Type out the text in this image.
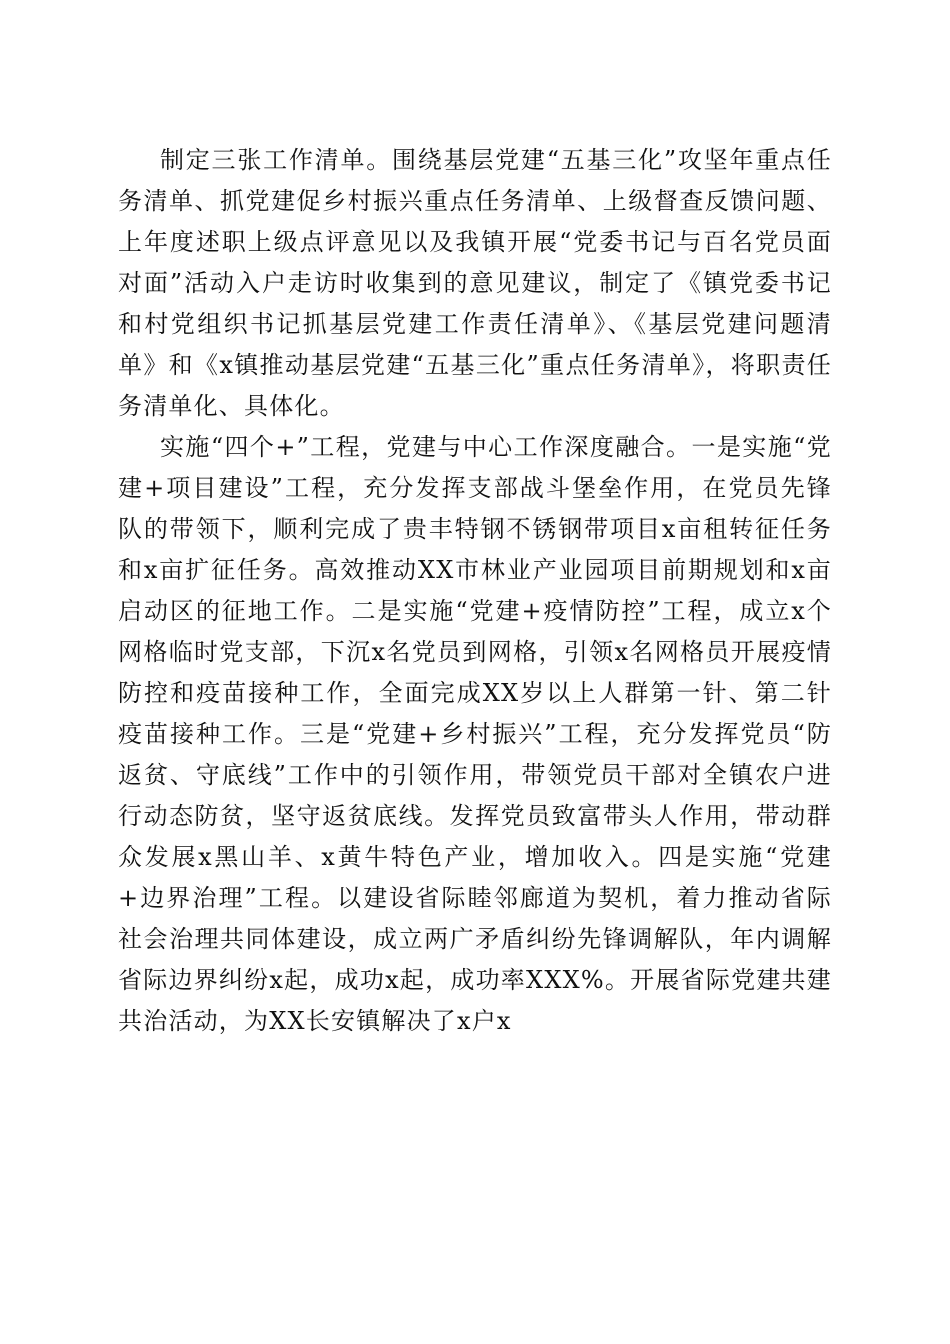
制定三张工作清单。围绕基层党建“五基三化”攻坚年重点任务清单、抓党建促乡村振兴重点任务清单、上级督查反馈问题、上年度述职上级点评意见以及我镇开展“党委书记与百名党员面对面”活动入户走访时收集到的意见建议，制定了《镇党委书记和村党组织书记抓基层党建工作责任清单》、《基层党建问题清单》和《x镇推动基层党建“五基三化”重点任务清单》，将职责任务清单化、具体化。

实施“四个+”工程，党建与中心工作深度融合。一是实施“党建+项目建设”工程，充分发挥支部战斗堡垒作用，在党员先锋队的带领下，顺利完成了贵丰特钢不锈钢带项目x亩租转征任务和x亩扩征任务。高效推动XX市林业产业园项目前期规划和x亩启动区的征地工作。二是实施“党建+疫情防控”工程，成立x个网格临时党支部，下沉x名党员到网格，引领x名网格员开展疫情防控和疫苗接种工作，全面完成XX岁以上人群第一针、第二针疫苗接种工作。三是“党建+乡村振兴”工程，充分发挥党员“防返贫、守底线”工作中的引领作用，带领党员干部对全镇农户进行动态防贫，坚守返贫底线。发挥党员致富带头人作用，带动群众发展x黑山羊、x黄牛特色产业，增加收入。四是实施“党建+边界治理”工程。以建设省际睦邻廊道为契机，着力推动省际社会治理共同体建设，成立两广矛盾纠纷先锋调解队，年内调解省际边界纠纷x起，成功x起，成功率XXX%。开展省际党建共建共治活动，为XX长安镇解决了x户x
